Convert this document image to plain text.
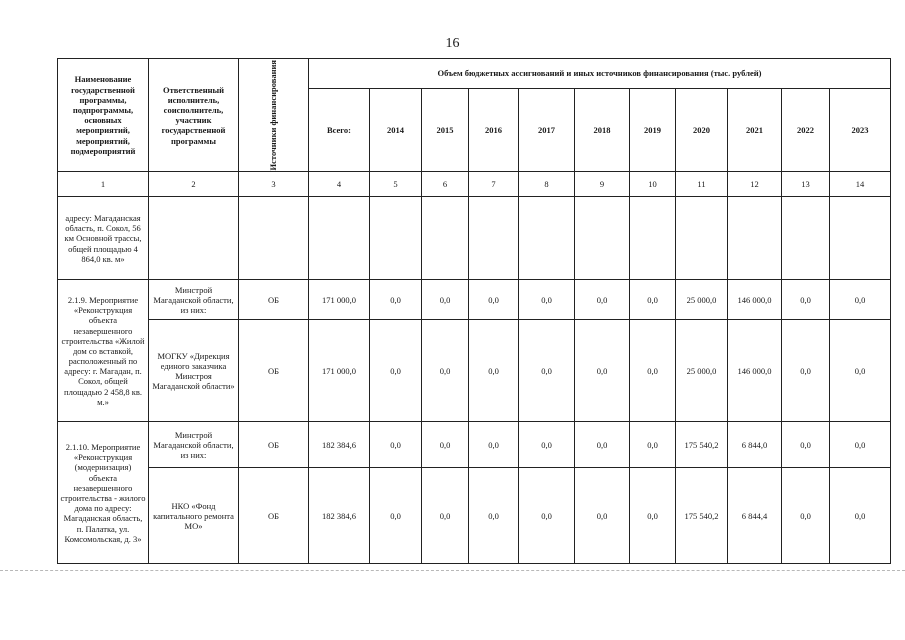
16
Наименование государственной программы, подпрограммы, основных мероприятий, мероприятий, подмероприятий	Ответственный исполнитель, соисполнитель, участник государственной программы	Источники финансирования	Объем бюджетных ассигнований и иных источников финансирования (тыс. рублей)										
			Всего:	2014	2015	2016	2017	2018	2019	2020	2021	2022	2023
1	2	3	4	5	6	7	8	9	10	11	12	13	14
адресу: Магаданская область, п. Сокол, 56 км Основной трассы, общей площадью 4 864,0 кв. м»													
2.1.9. Мероприятие «Реконструкция объекта незавершенного строительства «Жилой дом со вставкой, расположенный по адресу: г. Магадан, п. Сокол, общей площадью 2 458,8 кв. м.»	Минстрой Магаданской области, из них:	ОБ	171 000,0	0,0	0,0	0,0	0,0	0,0	0,0	25 000,0	146 000,0	0,0	0,0
	МОГКУ «Дирекция единого заказчика Минстроя Магаданской области»	ОБ	171 000,0	0,0	0,0	0,0	0,0	0,0	0,0	25 000,0	146 000,0	0,0	0,0
2.1.10. Мероприятие «Реконструкция (модернизация) объекта незавершенного строительства - жилого дома по адресу: Магаданская область, п. Палатка, ул. Комсомольская, д. 3»	Минстрой Магаданской области, из них:	ОБ	182 384,6	0,0	0,0	0,0	0,0	0,0	0,0	175 540,2	6 844,0	0,0	0,0
	НКО «Фонд капитального ремонта МО»	ОБ	182 384,6	0,0	0,0	0,0	0,0	0,0	0,0	175 540,2	6 844,4	0,0	0,0
